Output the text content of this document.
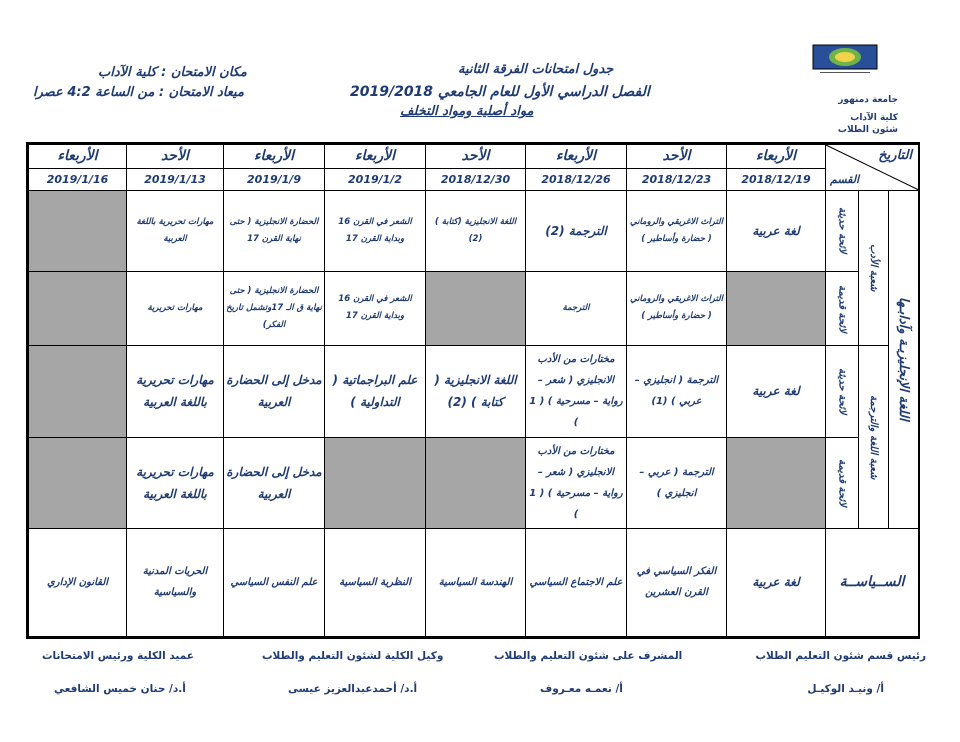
جامعة دمنهور
كلية الآداب
شئون الطلاب
جدول امتحانات الفرقة الثانية
الفصل الدراسي الأول للعام الجامعي 2019/2018
مواد أصلية ومواد التخلف
مكان الامتحان : كلية الآداب
ميعاد الامتحان : من الساعة 4:2 عصرا
التاريخ
القسم			الأربعاء	الأحد	الأربعاء	الأحد	الأربعاء	الأربعاء	الأحد	الأربعاء
			2018/12/19	2018/12/23	2018/12/26	2018/12/30	2019/1/2	2019/1/9	2019/1/13	2019/1/16
اللغة الإنجليزيـة وآدابـها	شعبة الأدب	لائحة حديثة	لغة عربية	التراث الاغريقي والروماني ( حضارة وأساطير )	الترجمة (2)	اللغة الانجليزية (كتابة ) (2)	الشعر في القرن 16 وبداية القرن 17	الحضارة الانجليزية ( حتى نهاية القرن 17	مهارات تحريرية باللغة العربية	
		لائحة قديمة		التراث الاغريقي والروماني ( حضارة وأساطير )	الترجمة		الشعر في القرن 16 وبداية القرن 17	الحضارة الانجليزية ( حتى نهاية ق الـ 17وتشمل تاريخ الفكر)	مهارات تحريرية	
	شعبة اللغة والترجمة	لائحة حديثة	لغة عربية	الترجمة ( انجليزي – عربي ) (1)	مختارات من الأدب الانجليزي ( شعر – رواية – مسرحية ) ( 1 )	اللغة الانجليزية ( كتابة ) (2)	علم البراجماتية ( التداولية )	مدخل إلى الحضارة العربية	مهارات تحريرية باللغة العربية	
		لائحة قديمة		الترجمة ( عربي – انجليزي )	مختارات من الأدب الانجليزي ( شعر – رواية – مسرحية ) ( 1 )			مدخل إلى الحضارة العربية	مهارات تحريرية باللغة العربية	
الســياســة			لغة عربية	الفكر السياسي في القرن العشرين	علم الاجتماع السياسي	الهندسة السياسية	النظرية السياسية	علم النفس السياسي	الحريات المدنية والسياسية	القانون الإداري
رئيس قسم شئون التعليم الطلاب
أ/ ونيـد الوكيـل
المشرف على شئون التعليم والطلاب
أ/ نعمـه معـروف
وكيل الكلية لشئون التعليم والطلاب
أ.د/ أحمدعبدالعزيز عيسى
عميد الكلية ورئيس الامتحانات
أ.د/ حنان خميس الشافعي
